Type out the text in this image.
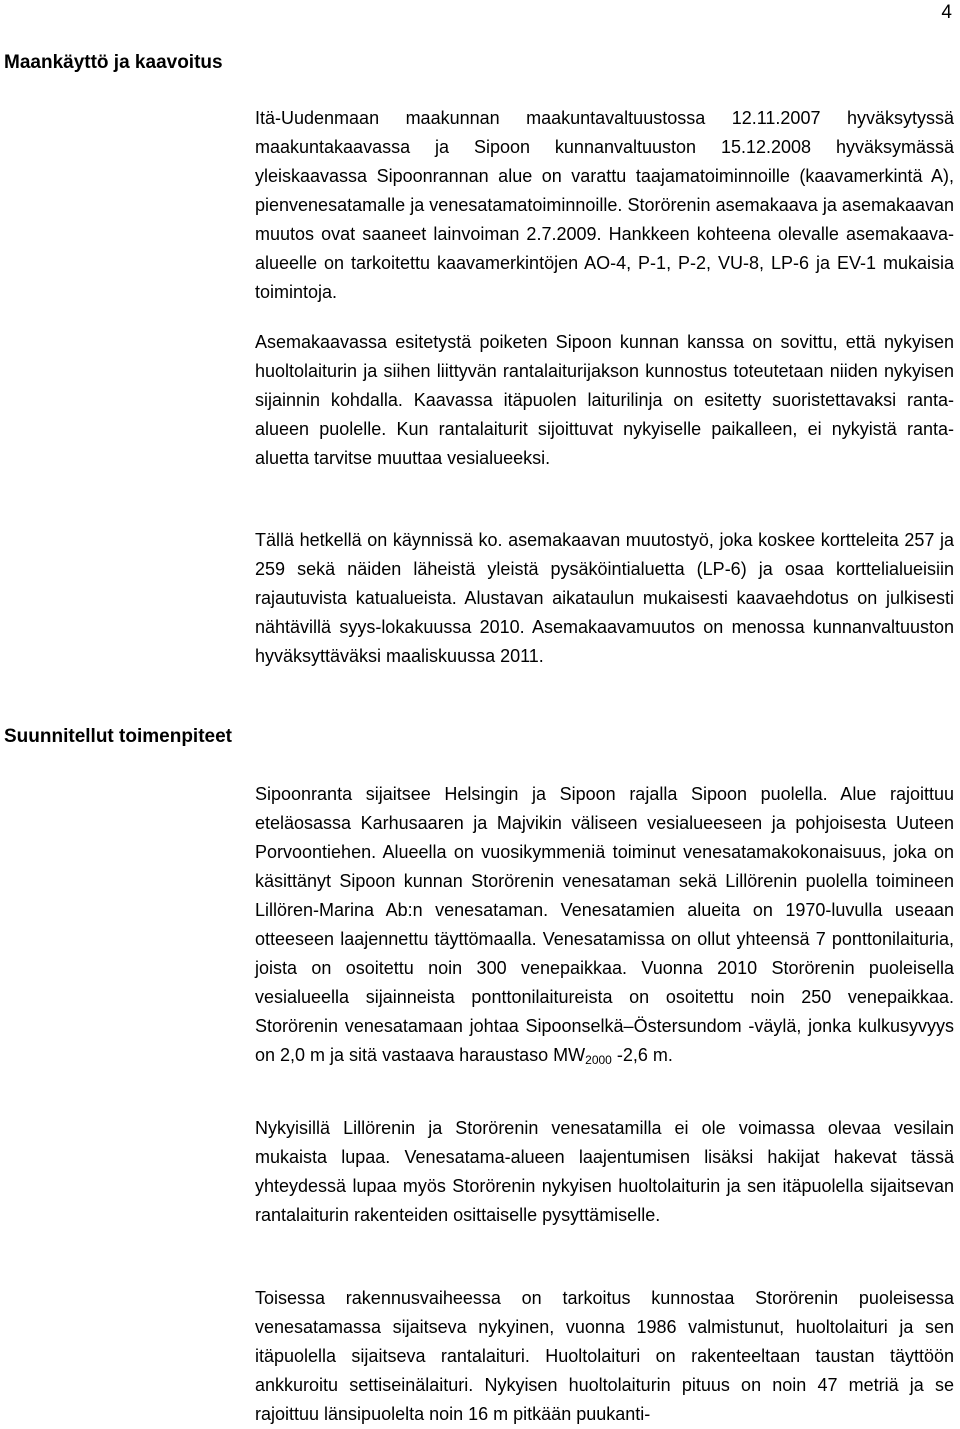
4
Maankäyttö ja kaavoitus

Itä-Uudenmaan maakunnan maakuntavaltuustossa 12.11.2007 hyväksytyssä maakuntakaavassa ja Sipoon kunnanvaltuuston 15.12.2008 hyväksymässä yleiskaavassa Sipoonrannan alue on varattu taajamatoiminnoille (kaavamerkintä A), pienvenesatamalle ja venesatamatoiminnoille. Storörenin asemakaava ja asemakaavan muutos ovat saaneet lainvoiman 2.7.2009. Hankkeen kohteena olevalle asemakaava-alueelle on tarkoitettu kaavamerkintöjen AO-4, P-1, P-2, VU-8, LP-6 ja EV-1 mukaisia toimintoja.

Asemakaavassa esitetystä poiketen Sipoon kunnan kanssa on sovittu, että nykyisen huoltolaiturin ja siihen liittyvän rantalaiturijakson kunnostus toteutetaan niiden nykyisen sijainnin kohdalla. Kaavassa itäpuolen laiturilinja on esitetty suoristettavaksi ranta-alueen puolelle. Kun rantalaiturit sijoittuvat nykyiselle paikalleen, ei nykyistä ranta-aluetta tarvitse muuttaa vesialueeksi.

Tällä hetkellä on käynnissä ko. asemakaavan muutostyö, joka koskee kortteleita 257 ja 259 sekä näiden läheistä yleistä pysäköintialuetta (LP-6) ja osaa korttelialueisiin rajautuvista katualueista. Alustavan aikataulun mukaisesti kaavaehdotus on julkisesti nähtävillä syys-lokakuussa 2010. Asemakaavamuutos on menossa kunnanvaltuuston hyväksyttäväksi maaliskuussa 2011.

Suunnitellut toimenpiteet

Sipoonranta sijaitsee Helsingin ja Sipoon rajalla Sipoon puolella. Alue rajoittuu eteläosassa Karhusaaren ja Majvikin väliseen vesialueeseen ja pohjoisesta Uuteen Porvoontiehen. Alueella on vuosikymmeniä toiminut venesatamakokonaisuus, joka on käsittänyt Sipoon kunnan Storörenin venesataman sekä Lillörenin puolella toimineen Lillören-Marina Ab:n venesataman. Venesatamien alueita on 1970-luvulla useaan otteeseen laajennettu täyttömaalla. Venesatamissa on ollut yhteensä 7 ponttonilaituria, joista on osoitettu noin 300 venepaikkaa. Vuonna 2010 Storörenin puoleisella vesialueella sijainneista ponttonilaitureista on osoitettu noin 250 venepaikkaa. Storörenin venesatamaan johtaa Sipoonselkä–Östersundom -väylä, jonka kulkusyvyys on 2,0 m ja sitä vastaava haraustaso $MW_{2000}$ -2,6 m.

Nykyisillä Lillörenin ja Storörenin venesatamilla ei ole voimassa olevaa vesilain mukaista lupaa. Venesatama-alueen laajentumisen lisäksi hakijat hakevat tässä yhteydessä lupaa myös Storörenin nykyisen huoltolaiturin ja sen itäpuolella sijaitsevan rantalaiturin rakenteiden osittaiselle pysyttämiselle.

Toisessa rakennusvaiheessa on tarkoitus kunnostaa Storörenin puoleisessa venesatamassa sijaitseva nykyinen, vuonna 1986 valmistunut, huoltolaituri ja sen itäpuolella sijaitseva rantalaituri. Huoltolaituri on rakenteeltaan taustan täyttöön ankkuroitu settiseinälaituri. Nykyisen huoltolaiturin pituus on noin 47 metriä ja se rajoittuu länsipuolelta noin 16 m pitkään puukanti-
